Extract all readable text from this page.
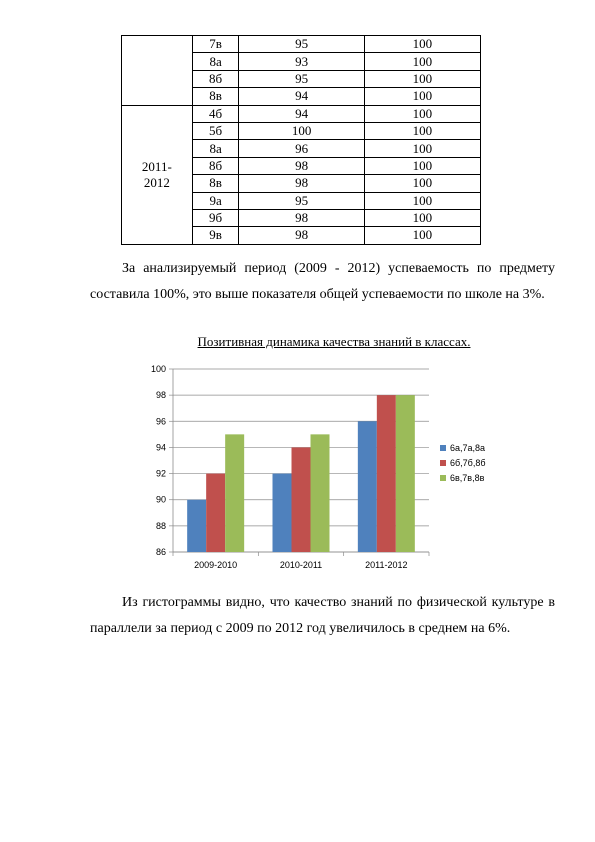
	7в	95	100
	8а	93	100
	8б	95	100
	8в	94	100
2011-
2012	4б	94	100
	5б	100	100
	8а	96	100
	8б	98	100
	8в	98	100
	9а	95	100
	9б	98	100
	9в	98	100

За анализируемый период (2009 - 2012) успеваемость по предмету составила 100%, это выше показателя общей успеваемости по школе на 3%.

Позитивная динамика качества знаний в классах.
86
88
90
92
94
96
98
100
2009-2010	2010-2011	2011-2012
6а,7а,8а
6б,7б,8б
6в,7в,8в

Из гистограммы видно, что качество знаний по физической культуре в параллели за период с 2009 по 2012 год увеличилось в среднем на 6%.
